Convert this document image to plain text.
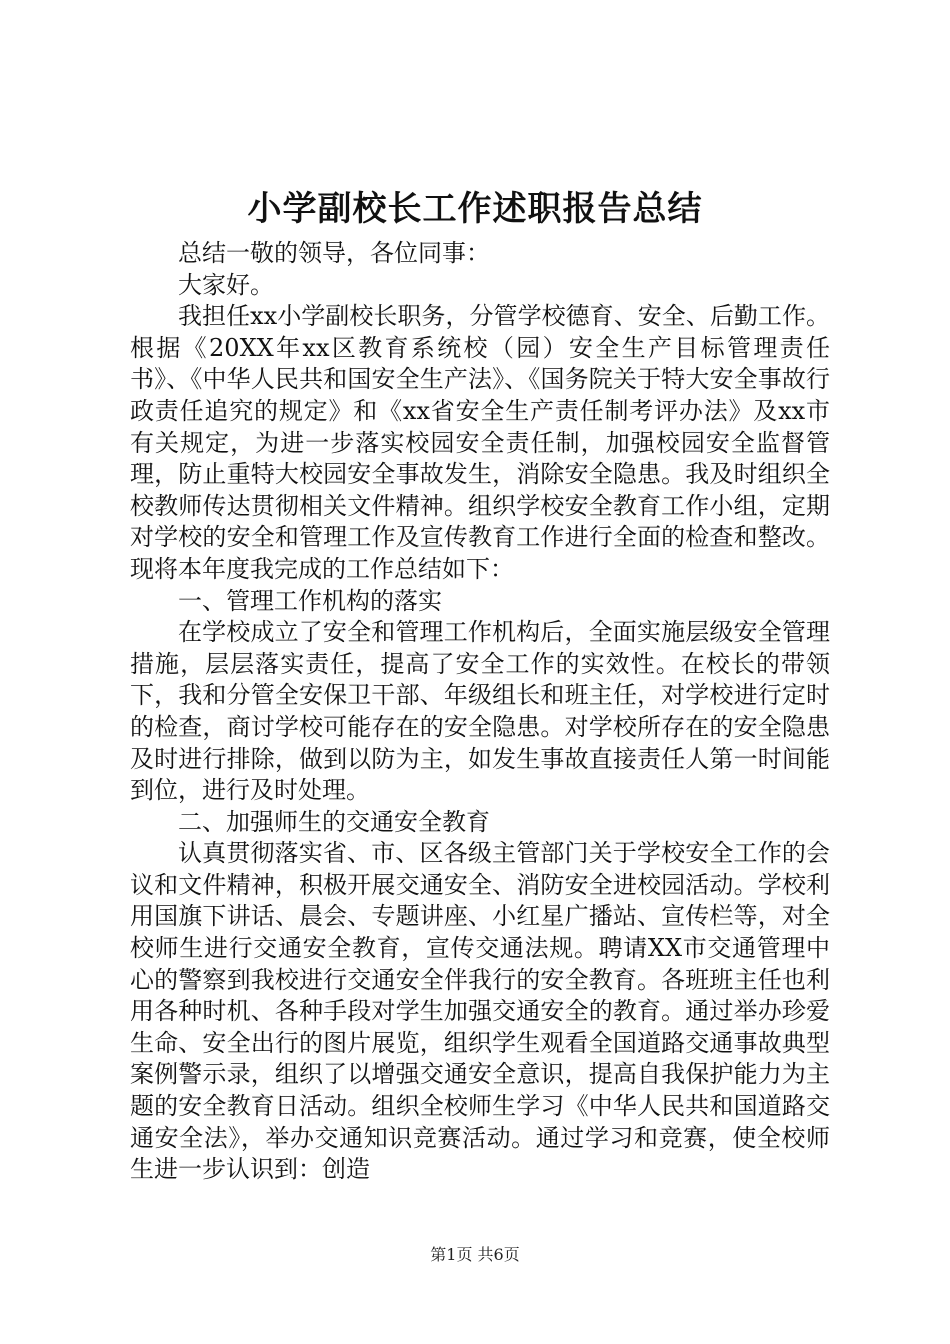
小学副校长工作述职报告总结

总结一敬的领导，各位同事：

大家好。

我担任xx小学副校长职务，分管学校德育、安全、后勤工作。根据《20XX年xx区教育系统校（园）安全生产目标管理责任书》、《中华人民共和国安全生产法》、《国务院关于特大安全事故行政责任追究的规定》和《xx省安全生产责任制考评办法》及xx市有关规定，为进一步落实校园安全责任制，加强校园安全监督管理，防止重特大校园安全事故发生，消除安全隐患。我及时组织全校教师传达贯彻相关文件精神。组织学校安全教育工作小组，定期对学校的安全和管理工作及宣传教育工作进行全面的检查和整改。现将本年度我完成的工作总结如下：

一、管理工作机构的落实

在学校成立了安全和管理工作机构后，全面实施层级安全管理措施，层层落实责任，提高了安全工作的实效性。在校长的带领下，我和分管全安保卫干部、年级组长和班主任，对学校进行定时的检查，商讨学校可能存在的安全隐患。对学校所存在的安全隐患及时进行排除，做到以防为主，如发生事故直接责任人第一时间能到位，进行及时处理。

二、加强师生的交通安全教育

认真贯彻落实省、市、区各级主管部门关于学校安全工作的会议和文件精神，积极开展交通安全、消防安全进校园活动。学校利用国旗下讲话、晨会、专题讲座、小红星广播站、宣传栏等，对全校师生进行交通安全教育，宣传交通法规。聘请XX市交通管理中心的警察到我校进行交通安全伴我行的安全教育。各班班主任也利用各种时机、各种手段对学生加强交通安全的教育。通过举办珍爱生命、安全出行的图片展览，组织学生观看全国道路交通事故典型案例警示录，组织了以增强交通安全意识，提高自我保护能力为主题的安全教育日活动。组织全校师生学习《中华人民共和国道路交通安全法》，举办交通知识竞赛活动。通过学习和竞赛，使全校师生进一步认识到：创造

第1页 共6页
